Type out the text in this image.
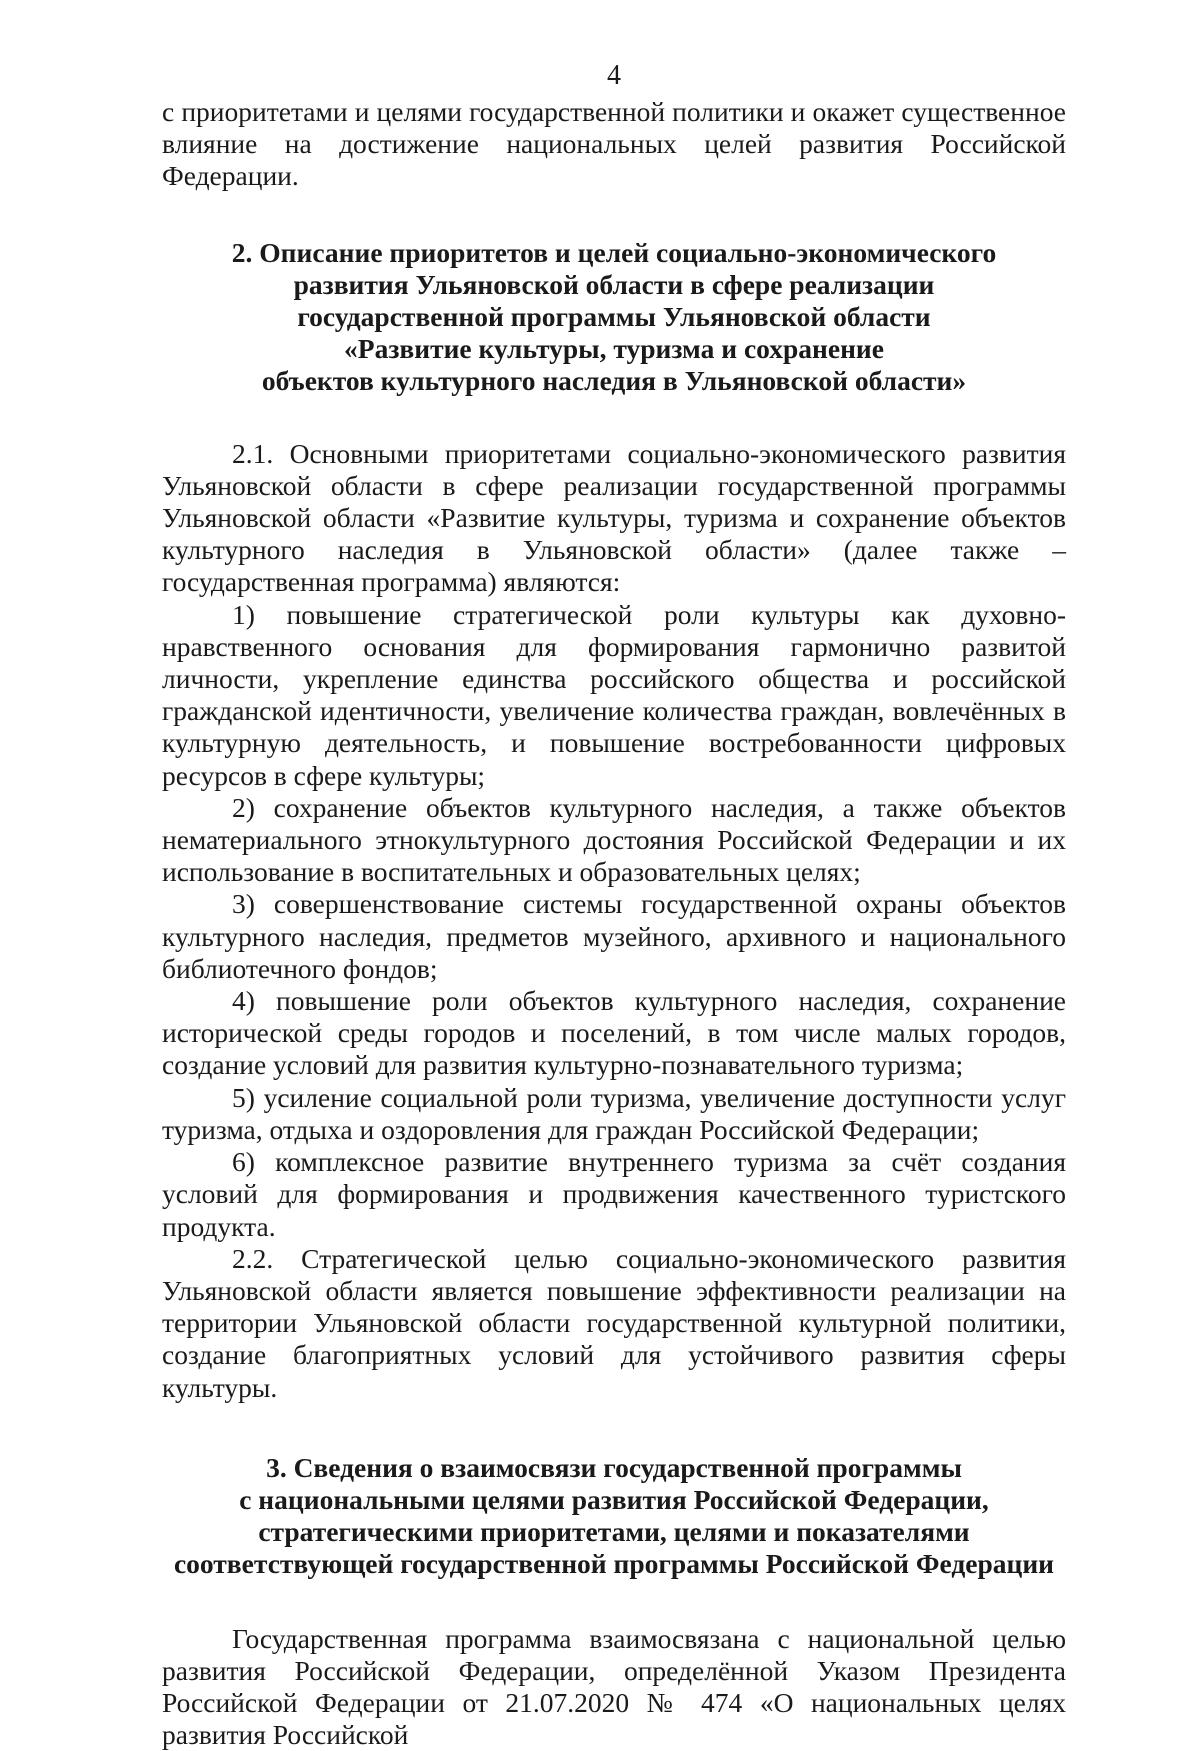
4

с приоритетами и целями государственной политики и окажет существенное влияние на достижение национальных целей развития Российской Федерации.

2. Описание приоритетов и целей социально-экономического
развития Ульяновской области в сфере реализации
государственной программы Ульяновской области
«Развитие культуры, туризма и сохранение
объектов культурного наследия в Ульяновской области»

2.1. Основными приоритетами социально-экономического развития Ульяновской области в сфере реализации государственной программы Ульяновской области «Развитие культуры, туризма и сохранение объектов культурного наследия в Ульяновской области» (далее также – государственная программа) являются:

1) повышение стратегической роли культуры как духовно-нравственного основания для формирования гармонично развитой личности, укрепление единства российского общества и российской гражданской идентичности, увеличение количества граждан, вовлечённых в культурную деятельность, и повышение востребованности цифровых ресурсов в сфере культуры;

2) сохранение объектов культурного наследия, а также объектов нематериального этнокультурного достояния Российской Федерации и их использование в воспитательных и образовательных целях;

3) совершенствование системы государственной охраны объектов культурного наследия, предметов музейного, архивного и национального библиотечного фондов;

4) повышение роли объектов культурного наследия, сохранение исторической среды городов и поселений, в том числе малых городов, создание условий для развития культурно-познавательного туризма;

5) усиление социальной роли туризма, увеличение доступности услуг туризма, отдыха и оздоровления для граждан Российской Федерации;

6) комплексное развитие внутреннего туризма за счёт создания условий для формирования и продвижения качественного туристского продукта.

2.2. Стратегической целью социально-экономического развития Ульяновской области является повышение эффективности реализации на территории Ульяновской области государственной культурной политики, создание благоприятных условий для устойчивого развития сферы культуры.

3. Сведения о взаимосвязи государственной программы
с национальными целями развития Российской Федерации,
стратегическими приоритетами, целями и показателями
соответствующей государственной программы Российской Федерации

Государственная программа взаимосвязана с национальной целью развития Российской Федерации, определённой Указом Президента Российской Федерации от 21.07.2020 № 474 «О национальных целях развития Российской
